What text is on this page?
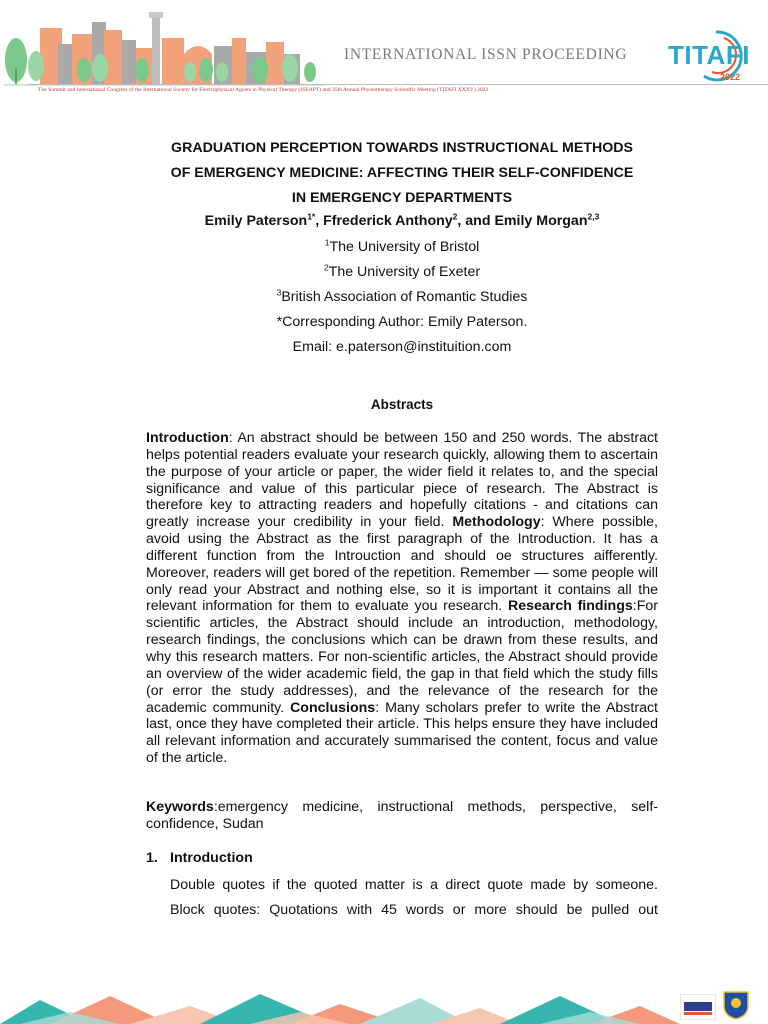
INTERNATIONAL ISSN PROCEEDING TITAFI
2022
The Summit and International Congress of the International Society for Electrophysical Agents in Physical Therapy (ISEAPT) and 35th Annual Physiotherapy Scientific Meeting (TITAFI XXXV) 2022
GRADUATION PERCEPTION TOWARDS INSTRUCTIONAL METHODS
OF EMERGENCY MEDICINE: AFFECTING THEIR SELF-CONFIDENCE
IN EMERGENCY DEPARTMENTS
Emily Paterson$^{1*}$, Ffrederick Anthony$^2$, and Emily Morgan$^{2,3}$
$^1$The University of Bristol
$^2$The University of Exeter
$^3$British Association of Romantic Studies
*Corresponding Author: Emily Paterson.
Email: e.paterson@instituition.com
Abstracts
Introduction: An abstract should be between 150 and 250 words. The abstract helps potential readers evaluate your research quickly, allowing them to ascertain the purpose of your article or paper, the wider field it relates to, and the special significance and value of this particular piece of research. The Abstract is therefore key to attracting readers and hopefully citations - and citations can greatly increase your credibility in your field. Methodology: Where possible, avoid using the Abstract as the first paragraph of the Introduction. It has a different function from the Introuction and should oe structures aifferently. Moreover, readers will get bored of the repetition. Remember — some people will only read your Abstract and nothing else, so it is important it contains all the relevant information for them to evaluate you research. Research findings:For scientific articles, the Abstract should include an introduction, methodology, research findings, the conclusions which can be drawn from these results, and why this research matters. For non-scientific articles, the Abstract should provide an overview of the wider academic field, the gap in that field which the study fills (or error the study addresses), and the relevance of the research for the academic community. Conclusions: Many scholars prefer to write the Abstract last, once they have completed their article. This helps ensure they have included all relevant information and accurately summarised the content, focus and value of the article.
Keywords:emergency medicine, instructional methods, perspective, self-confidence, Sudan
1. Introduction
Double quotes if the quoted matter is a direct quote made by someone.
Block quotes: Quotations with 45 words or more should be pulled out
